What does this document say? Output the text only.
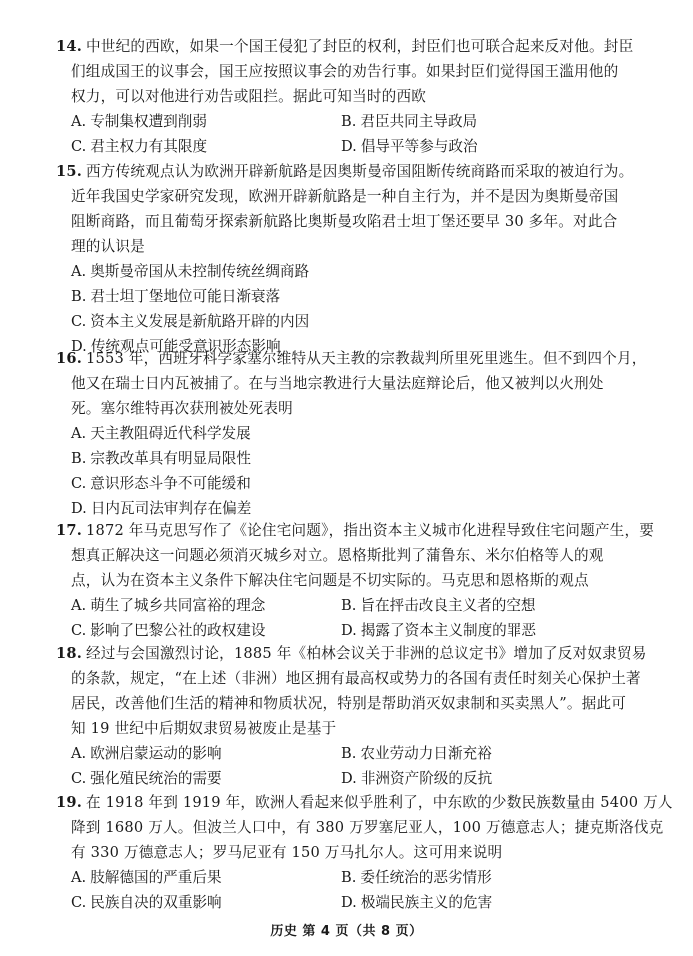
14. 中世纪的西欧，如果一个国王侵犯了封臣的权利，封臣们也可联合起来反对他。封臣
们组成国王的议事会，国王应按照议事会的劝告行事。如果封臣们觉得国王滥用他的
权力，可以对他进行劝告或阻拦。据此可知当时的西欧
A. 专制集权遭到削弱	B. 君臣共同主导政局
C. 君主权力有其限度	D. 倡导平等参与政治
15. 西方传统观点认为欧洲开辟新航路是因奥斯曼帝国阻断传统商路而采取的被迫行为。
近年我国史学家研究发现，欧洲开辟新航路是一种自主行为，并不是因为奥斯曼帝国
阻断商路，而且葡萄牙探索新航路比奥斯曼攻陷君士坦丁堡还要早 30 多年。对此合
理的认识是
A. 奥斯曼帝国从未控制传统丝绸商路
B. 君士坦丁堡地位可能日渐衰落
C. 资本主义发展是新航路开辟的内因
D. 传统观点可能受意识形态影响
16. 1553 年，西班牙科学家塞尔维特从天主教的宗教裁判所里死里逃生。但不到四个月，
他又在瑞士日内瓦被捕了。在与当地宗教进行大量法庭辩论后，他又被判以火刑处
死。塞尔维特再次获刑被处死表明
A. 天主教阻碍近代科学发展
B. 宗教改革具有明显局限性
C. 意识形态斗争不可能缓和
D. 日内瓦司法审判存在偏差
17. 1872 年马克思写作了《论住宅问题》，指出资本主义城市化进程导致住宅问题产生，要
想真正解决这一问题必须消灭城乡对立。恩格斯批判了蒲鲁东、米尔伯格等人的观
点，认为在资本主义条件下解决住宅问题是不切实际的。马克思和恩格斯的观点
A. 萌生了城乡共同富裕的理念	B. 旨在抨击改良主义者的空想
C. 影响了巴黎公社的政权建设	D. 揭露了资本主义制度的罪恶
18. 经过与会国激烈讨论，1885 年《柏林会议关于非洲的总议定书》增加了反对奴隶贸易
的条款，规定，“在上述（非洲）地区拥有最高权或势力的各国有责任时刻关心保护土著
居民，改善他们生活的精神和物质状况，特别是帮助消灭奴隶制和买卖黑人”。据此可
知 19 世纪中后期奴隶贸易被废止是基于
A. 欧洲启蒙运动的影响	B. 农业劳动力日渐充裕
C. 强化殖民统治的需要	D. 非洲资产阶级的反抗
19. 在 1918 年到 1919 年，欧洲人看起来似乎胜利了，中东欧的少数民族数量由 5400 万人
降到 1680 万人。但波兰人口中，有 380 万罗塞尼亚人，100 万德意志人；捷克斯洛伐克
有 330 万德意志人；罗马尼亚有 150 万马扎尔人。这可用来说明
A. 肢解德国的严重后果	B. 委任统治的恶劣情形
C. 民族自决的双重影响	D. 极端民族主义的危害
历史 第 4 页（共 8 页）
